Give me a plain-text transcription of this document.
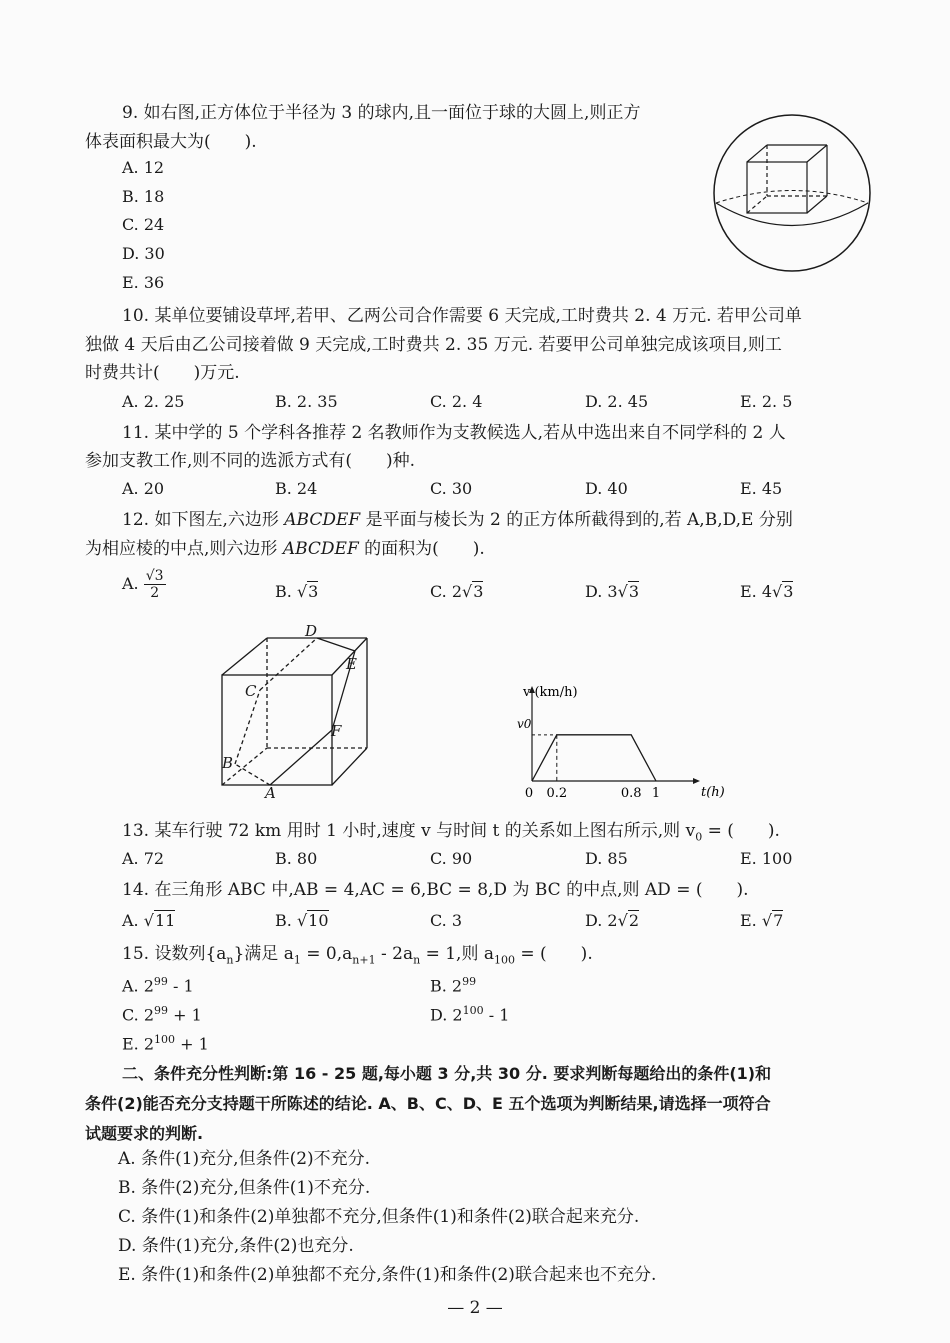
9. 如右图,正方体位于半径为 3 的球内,且一面位于球的大圆上,则正方
体表面积最大为(　　).
A. 12
B. 18
C. 24
D. 30
E. 36
10. 某单位要铺设草坪,若甲、乙两公司合作需要 6 天完成,工时费共 2. 4 万元. 若甲公司单
独做 4 天后由乙公司接着做 9 天完成,工时费共 2. 35 万元. 若要甲公司单独完成该项目,则工
时费共计(　　)万元.
A. 2. 25	B. 2. 35	C. 2. 4	D. 2. 45	E. 2. 5
11. 某中学的 5 个学科各推荐 2 名教师作为支教候选人,若从中选出来自不同学科的 2 人
参加支教工作,则不同的选派方式有(　　)种.
A. 20	B. 24	C. 30	D. 40	E. 45
12. 如下图左,六边形 ABCDEF 是平面与棱长为 2 的正方体所截得到的,若 A,B,D,E 分别
为相应棱的中点,则六边形 ABCDEF 的面积为(　　).
A. $\frac{√3}{2}$	B. √3	C. 2√3	D. 3√3	E. 4√3
D
E
C
F
B
A
v (km/h)
t(h)
v0
0 0.2	0.8 1
13. 某车行驶 72 km 用时 1 小时,速度 v 与时间 t 的关系如上图右所示,则 $v_0$ = (　　).
A. 72	B. 80	C. 90	D. 85	E. 100
14. 在三角形 ABC 中,AB = 4,AC = 6,BC = 8,D 为 BC 的中点,则 AD = (　　).
A. √11	B. √10	C. 3	D. 2√2	E. √7
15. 设数列$\{a_n\}$满足 $a_1 = 0,a_{n+1} - 2a_n = 1$,则 $a_{100}$ = (　　).
A. $2^{99} - 1$	B. $2^{99}$
C. $2^{99} + 1$	D. $2^{100} - 1$
E. $2^{100} + 1$
二、条件充分性判断:第 16 - 25 题,每小题 3 分,共 30 分. 要求判断每题给出的条件(1)和
条件(2)能否充分支持题干所陈述的结论. A、B、C、D、E 五个选项为判断结果,请选择一项符合
试题要求的判断.
A. 条件(1)充分,但条件(2)不充分.
B. 条件(2)充分,但条件(1)不充分.
C. 条件(1)和条件(2)单独都不充分,但条件(1)和条件(2)联合起来充分.
D. 条件(1)充分,条件(2)也充分.
E. 条件(1)和条件(2)单独都不充分,条件(1)和条件(2)联合起来也不充分.
— 2 —
